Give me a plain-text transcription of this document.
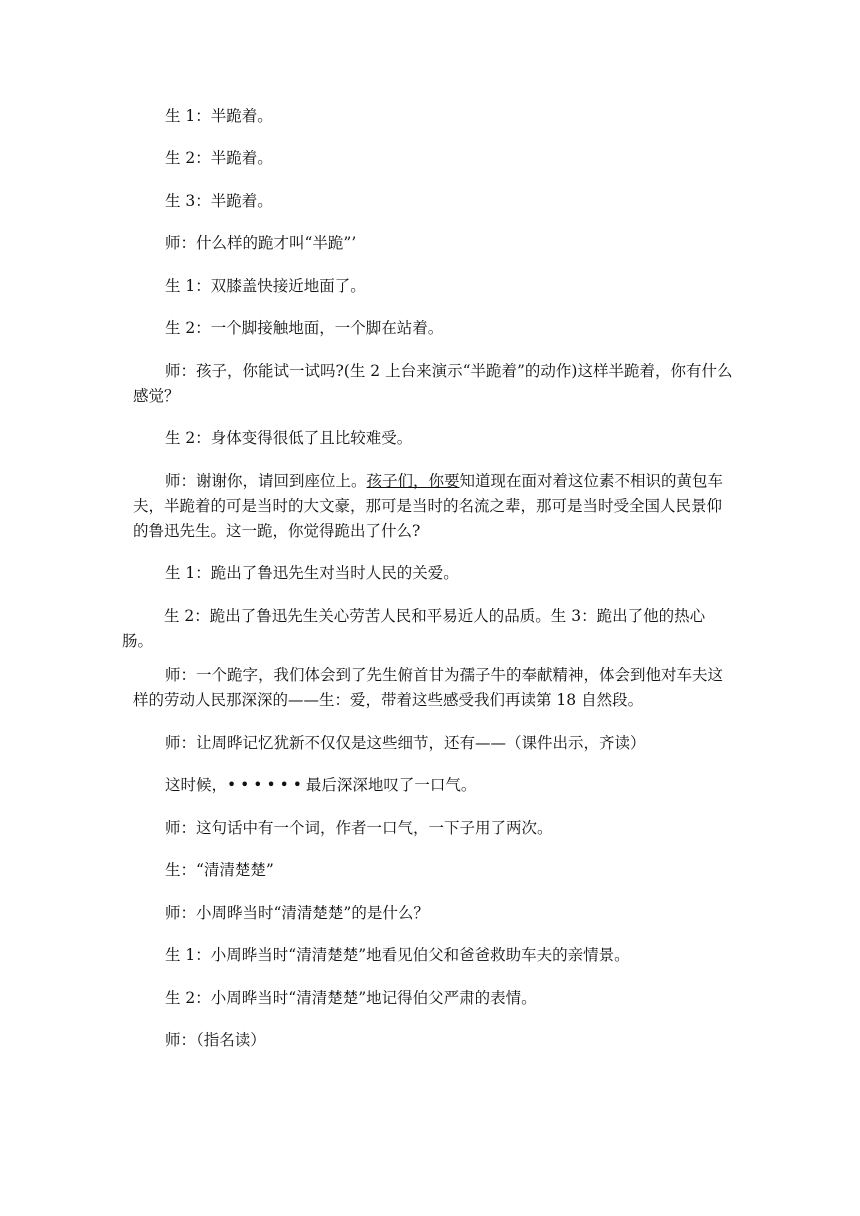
生 1：半跪着。

生 2：半跪着。

生 3：半跪着。

师：什么样的跪才叫“半跪”’

生 1：双膝盖快接近地面了。

生 2：一个脚接触地面，一个脚在站着。

师：孩子，你能试一试吗?(生 2 上台来演示“半跪着”的动作)这样半跪着，你有什么感觉？

生 2：身体变得很低了且比较难受。

师：谢谢你，请回到座位上。孩子们，你要知道现在面对着这位素不相识的黄包车夫，半跪着的可是当时的大文豪，那可是当时的名流之辈，那可是当时受全国人民景仰的鲁迅先生。这一跪，你觉得跪出了什么?

生 1：跪出了鲁迅先生对当时人民的关爱。

生 2：跪出了鲁迅先生关心劳苦人民和平易近人的品质。生 3：跪出了他的热心肠。

师：一个跪字，我们体会到了先生俯首甘为孺子牛的奉献精神，体会到他对车夫这样的劳动人民那深深的——生：爱，带着这些感受我们再读第 18 自然段。

师：让周晔记忆犹新不仅仅是这些细节，还有——（课件出示，齐读）

这时候，••••••最后深深地叹了一口气。

师：这句话中有一个词，作者一口气，一下子用了两次。

生：“清清楚楚”

师：小周晔当时“清清楚楚”的是什么？

生 1：小周晔当时“清清楚楚”地看见伯父和爸爸救助车夫的亲情景。

生 2：小周晔当时“清清楚楚”地记得伯父严肃的表情。

师：（指名读）
